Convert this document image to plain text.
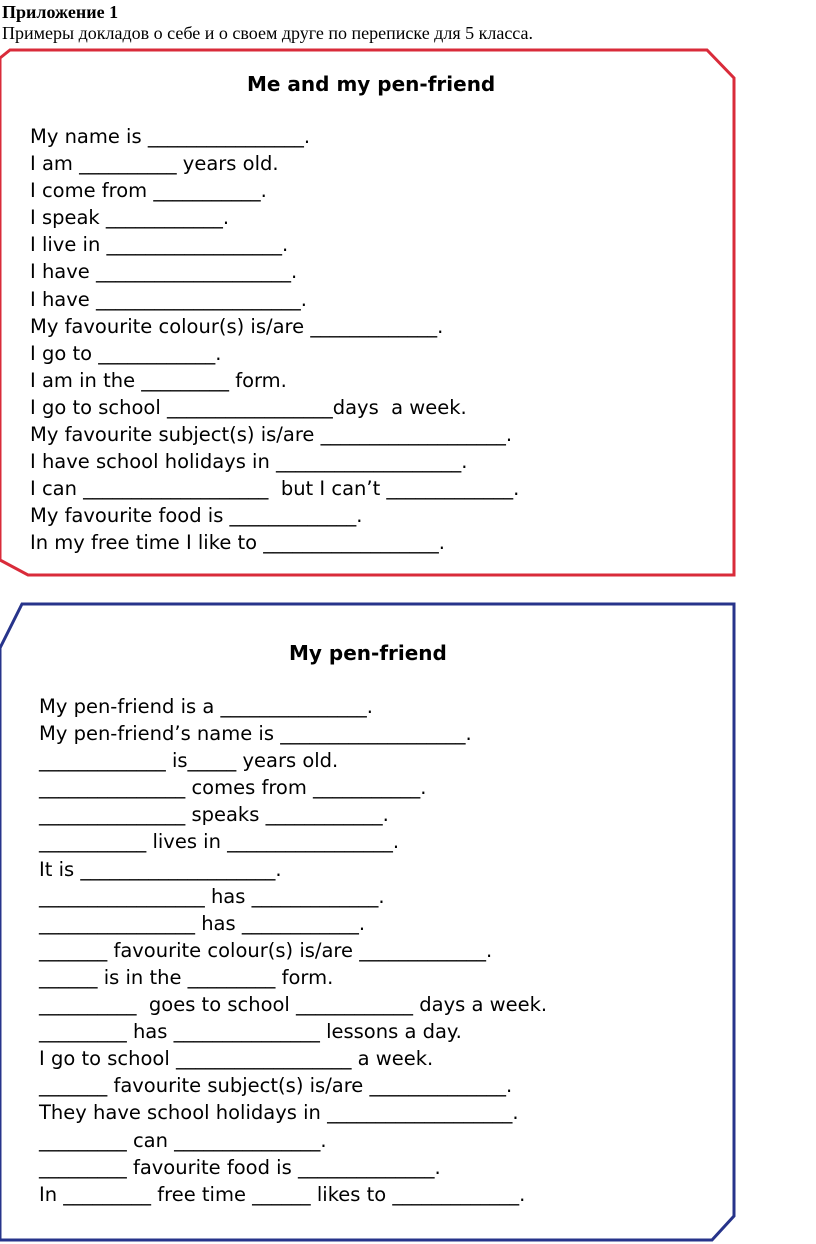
Приложение 1
Примеры докладов о себе и о своем друге по переписке для 5 класса.
Me and my pen-friend
My name is ________________.
I am __________ years old.
I come from ___________.
I speak ____________.
I live in __________________.
I have ____________________.
I have _____________________.
My favourite colour(s) is/are _____________.
I go to ____________.
I am in the _________ form.
I go to school _________________days  a week.
My favourite subject(s) is/are ___________________.
I have school holidays in ___________________.
I can ___________________  but I can’t _____________.
My favourite food is _____________.
In my free time I like to __________________.
My pen-friend
My pen-friend is a _______________.
My pen-friend’s name is ___________________.
_____________ is_____ years old.
_______________ comes from ___________.
_______________ speaks ____________.
___________ lives in _________________.
It is ____________________.
_________________ has _____________.
________________ has ____________.
_______ favourite colour(s) is/are _____________.
______ is in the _________ form.
__________  goes to school ____________ days a week.
_________ has _______________ lessons a day.
I go to school __________________ a week.
_______ favourite subject(s) is/are ______________.
They have school holidays in ___________________.
_________ can _______________.
_________ favourite food is ______________.
In _________ free time ______ likes to _____________.
